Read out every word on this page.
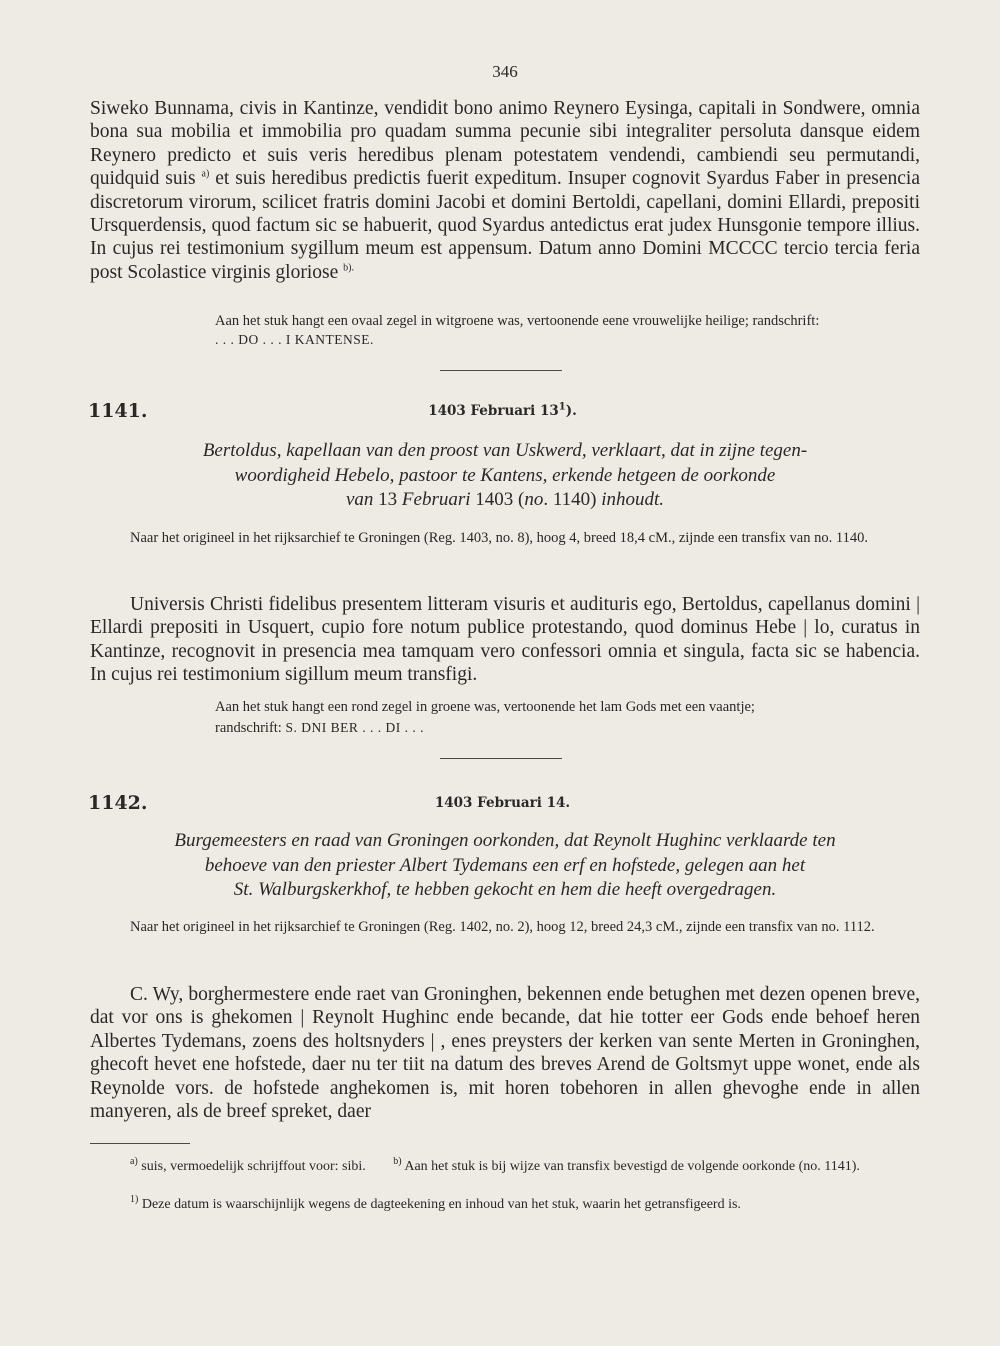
346
Siweko Bunnama, civis in Kantinze, vendidit bono animo Reynero Eysinga, capitali in Sondwere, omnia bona sua mobilia et immobilia pro quadam summa pecunie sibi integraliter persoluta dansque eidem Reynero predicto et suis veris heredibus plenam potestatem vendendi, cambiendi seu permutandi, quidquid suis $^{a)}$ et suis heredibus predictis fuerit expeditum. Insuper cognovit Syardus Faber in presencia discretorum virorum, scilicet fratris domini Jacobi et domini Bertoldi, capellani, domini Ellardi, prepositi Ursquerdensis, quod factum sic se habuerit, quod Syardus antedictus erat judex Hunsgonie tempore illius. In cujus rei testimonium sygillum meum est appensum. Datum anno Domini MCCCC tercio tercia feria post Scolastice virginis gloriose $^{b).}$
Aan het stuk hangt een ovaal zegel in witgroene was, vertoonende eene vrouwelijke heilige; randschrift:
. . . DO . . . I KANTENSE.
1141.	1403 Februari $13^1$).
Bertoldus, kapellaan van den proost van Uskwerd, verklaart, dat in zijne tegen-
woordigheid Hebelo, pastoor te Kantens, erkende hetgeen de oorkonde
van 13 Februari 1403 (no. 1140) inhoudt.
Naar het origineel in het rijksarchief te Groningen (Reg. 1403, no. 8), hoog 4, breed 18,4 cM., zijnde een transfix van no. 1140.
Universis Christi fidelibus presentem litteram visuris et audituris ego, Bertoldus, capellanus domini | Ellardi prepositi in Usquert, cupio fore notum publice protestando, quod dominus Hebe | lo, curatus in Kantinze, recognovit in presencia mea tamquam vero confessori omnia et singula, facta sic se habencia. In cujus rei testimonium sigillum meum transfigi.
Aan het stuk hangt een rond zegel in groene was, vertoonende het lam Gods met een vaantje;
randschrift: S. DNI BER . . . DI . . .
1142.	1403 Februari 14.
Burgemeesters en raad van Groningen oorkonden, dat Reynolt Hughinc verklaarde ten
behoeve van den priester Albert Tydemans een erf en hofstede, gelegen aan het
St. Walburgskerkhof, te hebben gekocht en hem die heeft overgedragen.
Naar het origineel in het rijksarchief te Groningen (Reg. 1402, no. 2), hoog 12, breed 24,3 cM., zijnde een transfix van no. 1112.
C. Wy, borghermestere ende raet van Groninghen, bekennen ende betughen met dezen openen breve, dat vor ons is ghekomen | Reynolt Hughinc ende becande, dat hie totter eer Gods ende behoef heren Albertes Tydemans, zoens des holtsnyders | , enes preysters der kerken van sente Merten in Groninghen, ghecoft hevet ene hofstede, daer nu ter tiit na datum des breves Arend de Goltsmyt uppe wonet, ende als Reynolde vors. de hofstede anghekomen is, mit horen tobehoren in allen ghevoghe ende in allen manyeren, als de breef spreket, daer
$^{a)}$ suis, vermoedelijk schrijffout voor: sibi.	$^{b)}$ Aan het stuk is bij wijze van transfix bevestigd de volgende oorkonde (no. 1141).
$^{1)}$ Deze datum is waarschijnlijk wegens de dagteekening en inhoud van het stuk, waarin het getransfigeerd is.
